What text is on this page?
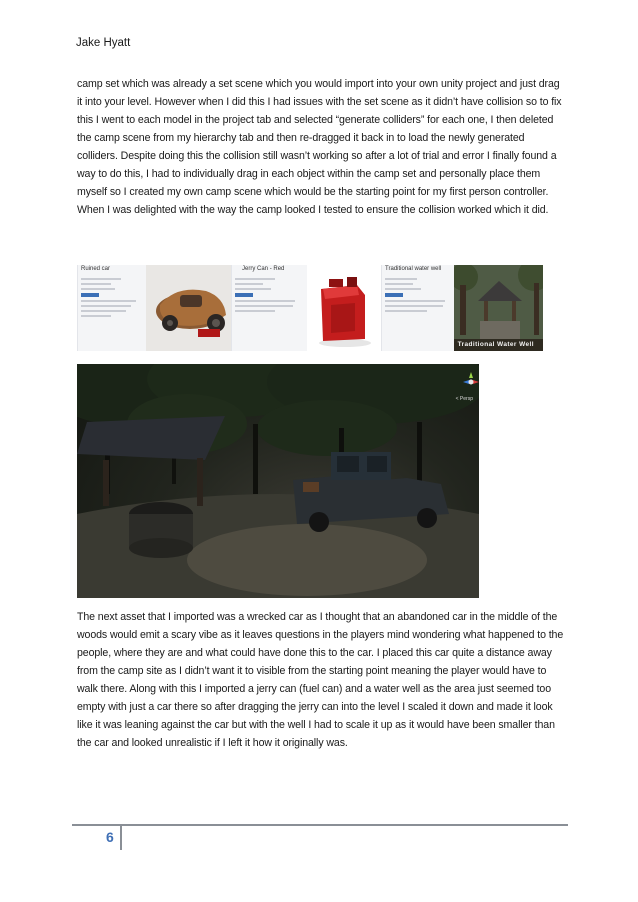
Jake Hyatt

camp set which was already a set scene which you would import into your own unity project and just drag it into your level. However when I did this I had issues with the set scene as it didn’t have collision so to fix this I went to each model in the project tab and selected “generate colliders” for each one, I then deleted the camp scene from my hierarchy tab and then re-dragged it back in to load the newly generated colliders. Despite doing this the collision still wasn’t working so after a lot of trial and error I finally found a way to do this, I had to individually drag in each object within the camp set and personally place them myself so I created my own camp scene which would be the starting point for my first person controller. When I was delighted with the way the camp looked I tested to ensure the collision worked which it did.

Ruined car	Jerry Can - Red	Traditional water well
Traditional Water Well
< Persp

The next asset that I imported was a wrecked car as I thought that an abandoned car in the middle of the woods would emit a scary vibe as it leaves questions in the players mind wondering what happened to the people, where they are and what could have done this to the car. I placed this car quite a distance away from the camp site as I didn’t want it to visible from the starting point meaning the player would have to walk there. Along with this I imported a jerry can (fuel can) and a water well as the area just seemed too empty with just a car there so after dragging the jerry can into the level I scaled it down and made it look like it was leaning against the car but with the well I had to scale it up as it would have been smaller than the car and looked unrealistic if I left it how it originally was.

6
